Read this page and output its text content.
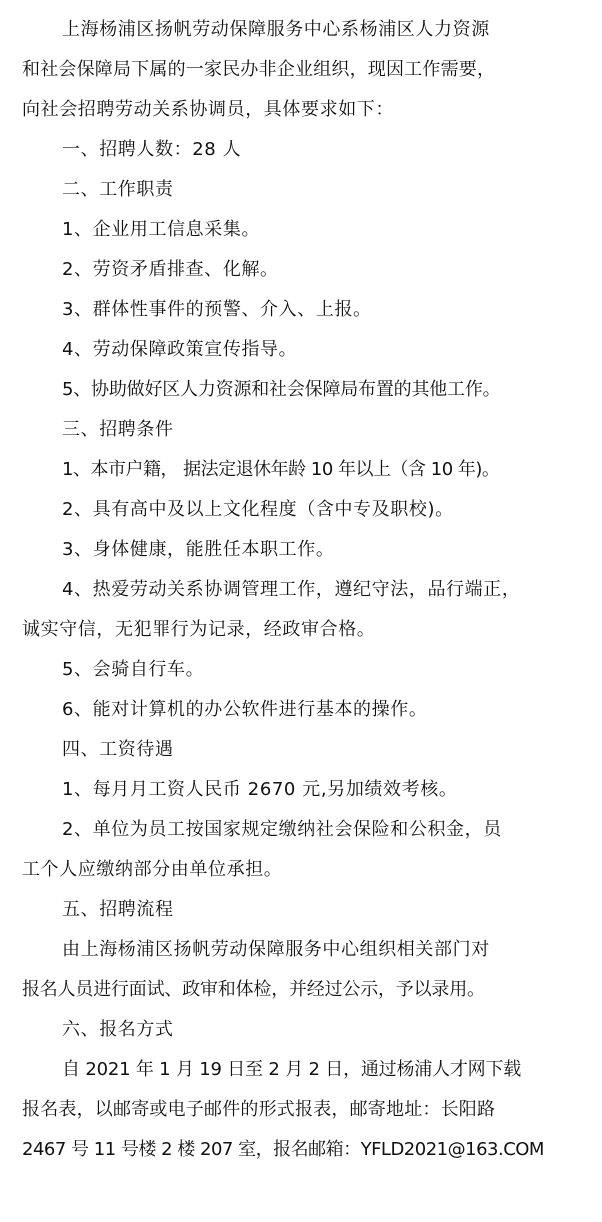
上海杨浦区扬帆劳动保障服务中心系杨浦区人力资源
和社会保障局下属的一家民办非企业组织，现因工作需要，
向社会招聘劳动关系协调员，具体要求如下：
一、招聘人数：28 人
二、工作职责
1、企业用工信息采集。
2、劳资矛盾排查、化解。
3、群体性事件的预警、介入、上报。
4、劳动保障政策宣传指导。
5、协助做好区人力资源和社会保障局布置的其他工作。
三、招聘条件
1、本市户籍， 据法定退休年龄 10 年以上（含 10 年)。
2、具有高中及以上文化程度（含中专及职校)。
3、身体健康，能胜任本职工作。
4、热爱劳动关系协调管理工作，遵纪守法，品行端正，
诚实守信，无犯罪行为记录，经政审合格。
5、会骑自行车。
6、能对计算机的办公软件进行基本的操作。
四、工资待遇
1、每月月工资人民币 2670 元,另加绩效考核。
2、单位为员工按国家规定缴纳社会保险和公积金，员
工个人应缴纳部分由单位承担。
五、招聘流程
由上海杨浦区扬帆劳动保障服务中心组织相关部门对
报名人员进行面试、政审和体检，并经过公示，予以录用。
六、报名方式
自 2021 年 1 月 19 日至 2 月 2 日，通过杨浦人才网下载
报名表，以邮寄或电子邮件的形式报表，邮寄地址：长阳路
2467 号 11 号楼 2 楼 207 室，报名邮箱：YFLD2021@163.COM
